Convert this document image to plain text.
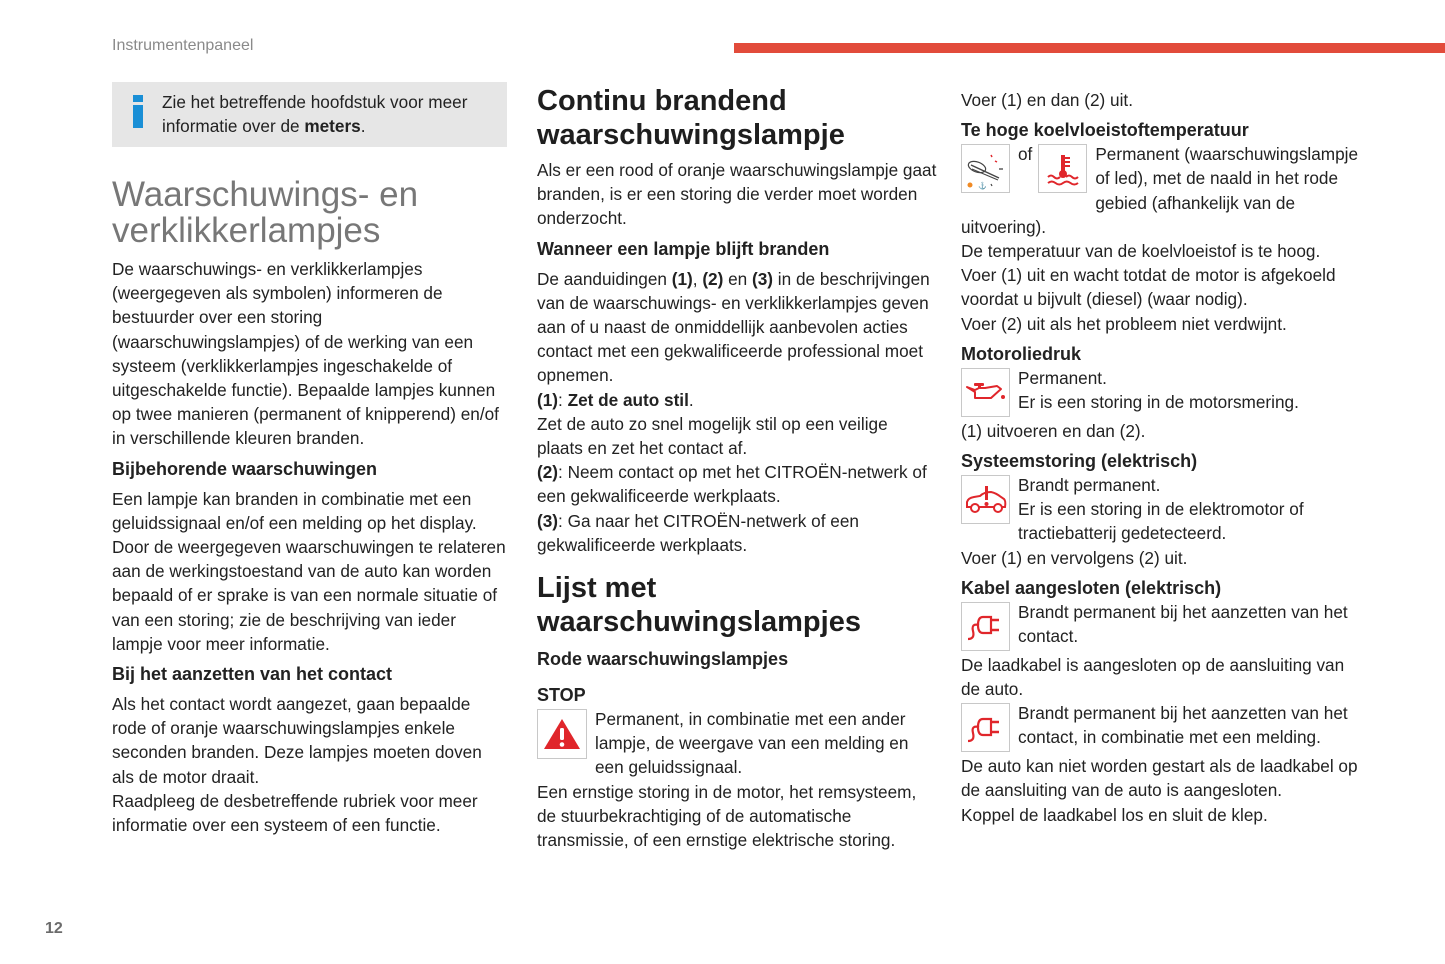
Instrumentenpaneel
Zie het betreffende hoofdstuk voor meer informatie over de meters.
Waarschuwings- en verklikkerlampjes

De waarschuwings- en verklikkerlampjes (weergegeven als symbolen) informeren de bestuurder over een storing (waarschuwingslampjes) of de werking van een systeem (verklikkerlampjes ingeschakelde of uitgeschakelde functie). Bepaalde lampjes kunnen op twee manieren (permanent of knipperend) en/of in verschillende kleuren branden.

Bijbehorende waarschuwingen

Een lampje kan branden in combinatie met een geluidssignaal en/of een melding op het display. Door de weergegeven waarschuwingen te relateren aan de werkingstoestand van de auto kan worden bepaald of er sprake is van een normale situatie of van een storing; zie de beschrijving van ieder lampje voor meer informatie.

Bij het aanzetten van het contact

Als het contact wordt aangezet, gaan bepaalde rode of oranje waarschuwingslampjes enkele seconden branden. Deze lampjes moeten doven als de motor draait.

Raadpleeg de desbetreffende rubriek voor meer informatie over een systeem of een functie.

Continu brandend waarschuwingslampje

Als er een rood of oranje waarschuwingslampje gaat branden, is er een storing die verder moet worden onderzocht.

Wanneer een lampje blijft branden

De aanduidingen (1), (2) en (3) in de beschrijvingen van de waarschuwings- en verklikkerlampjes geven aan of u naast de onmiddellijk aanbevolen acties contact met een gekwalificeerde professional moet opnemen.

(1): Zet de auto stil.

Zet de auto zo snel mogelijk stil op een veilige plaats en zet het contact af.

(2): Neem contact op met het CITROËN-netwerk of een gekwalificeerde werkplaats.

(3): Ga naar het CITROËN-netwerk of een gekwalificeerde werkplaats.

Lijst met waarschuwingslampjes
Rode waarschuwingslampjes
STOP
Permanent, in combinatie met een ander lampje, de weergave van een melding en een geluidssignaal.

Een ernstige storing in de motor, het remsysteem, de stuurbekrachtiging of de automatische transmissie, of een ernstige elektrische storing.

Voer (1) en dan (2) uit.

Te hoge koelvloeistoftemperatuur
⚓
of	Permanent (waarschuwingslampje of led), met de naald in het rode gebied (afhankelijk van de uitvoering).

De temperatuur van de koelvloeistof is te hoog.

Voer (1) uit en wacht totdat de motor is afgekoeld voordat u bijvult (diesel) (waar nodig).

Voer (2) uit als het probleem niet verdwijnt.

Motoroliedruk
Permanent.
Er is een storing in de motorsmering.

(1) uitvoeren en dan (2).

Systeemstoring (elektrisch)
Brandt permanent.
Er is een storing in de elektromotor of tractiebatterij gedetecteerd.

Voer (1) en vervolgens (2) uit.

Kabel aangesloten (elektrisch)
Brandt permanent bij het aanzetten van het contact.

De laadkabel is aangesloten op de aansluiting van de auto.

Brandt permanent bij het aanzetten van het contact, in combinatie met een melding.

De auto kan niet worden gestart als de laadkabel op de aansluiting van de auto is aangesloten.

Koppel de laadkabel los en sluit de klep.

12
